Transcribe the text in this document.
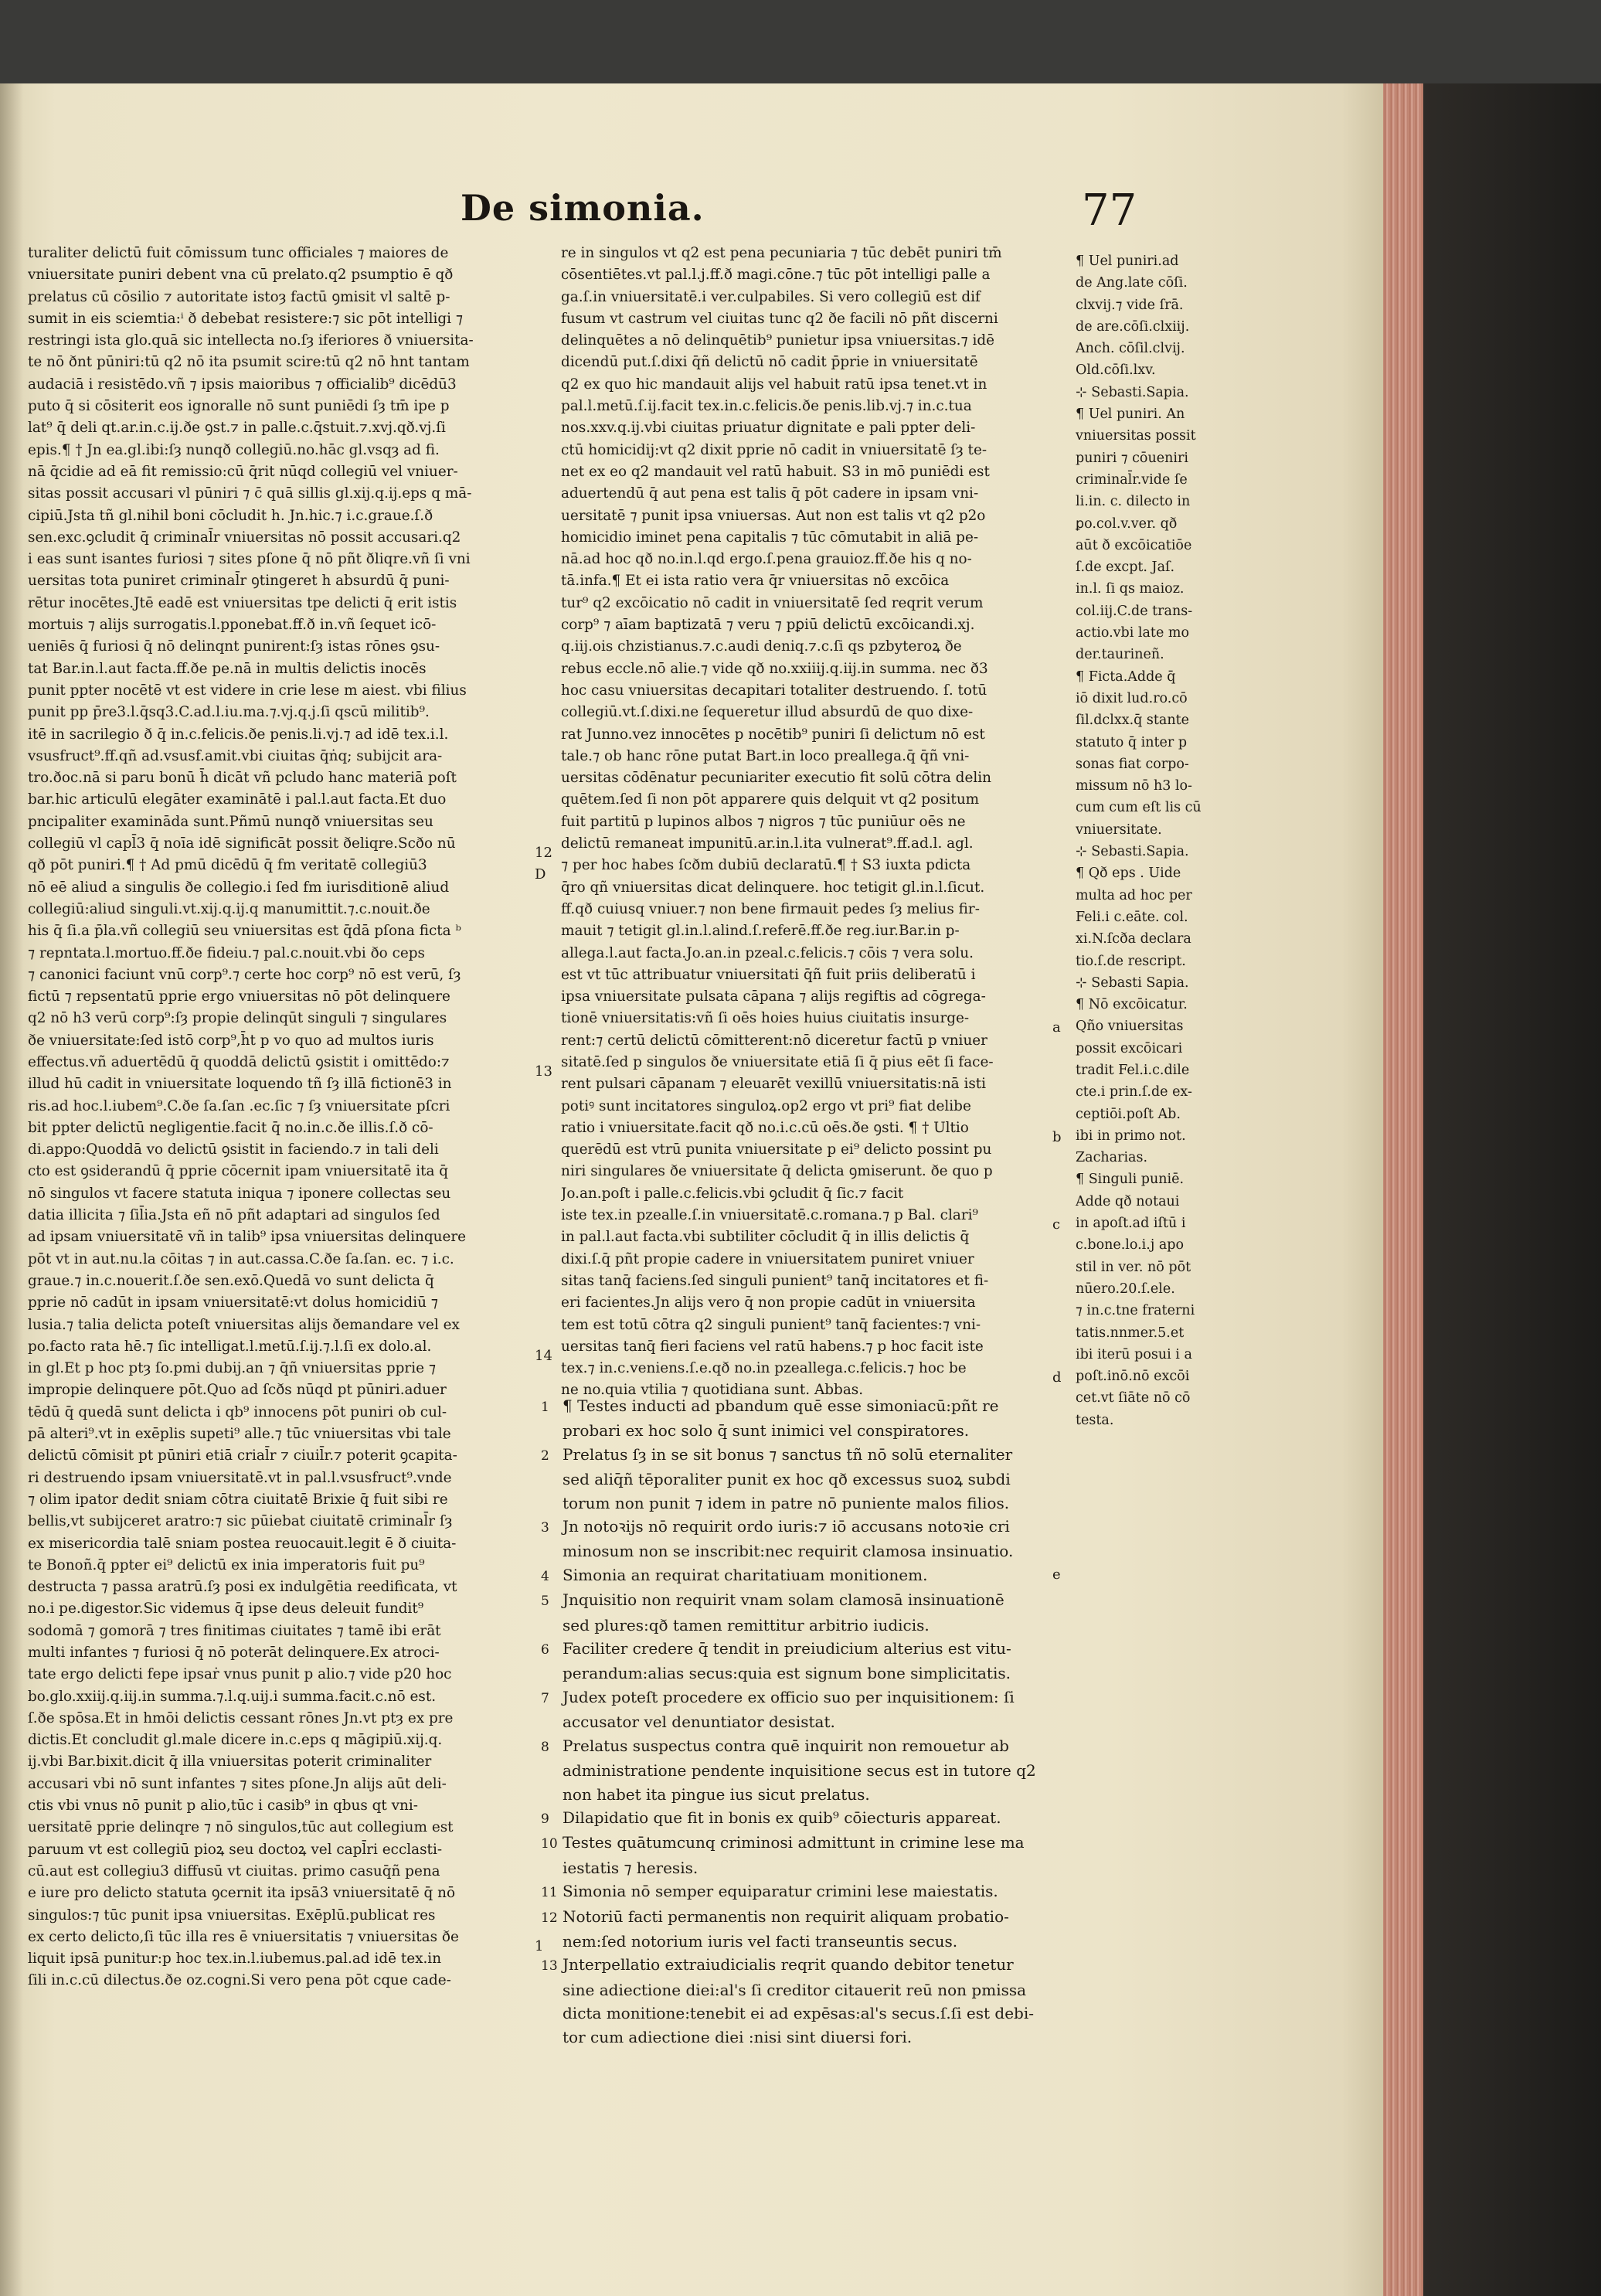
De simonia.	77
turaliter delictū fuit cōmissum tunc officiales ⁊ maiores de
vniuersitate puniri debent vna cū prelato.q2 psumptio ē qð
prelatus cū cōsilio ⁊ autoritate istoȝ factū ꝯmisit vl saltē p-
sumit in eis sciemtia:ⁱ ð debebat resistere:⁊ sic pōt intelligi ⁊
restringi ista glo.quā sic intellecta no.ſȝ iferiores ð vniuersita-
te nō ðnt pūniri:tū q2 nō ita psumit scire:tū q2 nō hnt tantam
audaciā i resistēdo.vñ ⁊ ipsis maioribus ⁊ officialib⁹ dicēdū3
puto q̄ si cōsiterit eos ignoralle nō sunt puniēdi ſȝ tm̄ ipe p
lat⁹ q̄ deli qt.ar.in.c.ij.ðe ꝯst.⁊ in palle.c.q̄stuit.⁊.xvj.qð.vj.ſi
epis.¶ † Jn ea.gl.ibi:ſȝ nunqð collegiū.no.hāc gl.vsqȝ ad fi.
nā q̄cidie ad eā fit remissio:cū q̄rit nūqd collegiū vel vniuer-
sitas possit accusari vl pūniri ⁊ c̄ quā sillis gl.xij.q.ij.eps q mā-
cipiū.Jsta tñ gl.nihil boni cōcludit h. Jn.hic.⁊ i.c.graue.ſ.ð
sen.exc.ꝯcludit q̄ criminal̄r vniuersitas nō possit accusari.q2
i eas sunt isantes furiosi ⁊ sites pſone q̄ nō pñt ðliqre.vñ ſi vni
uersitas tota puniret criminal̄r ꝯtingeret h absurdū q̄ puni-
rētur inocētes.Jtē eadē est vniuersitas tpe delicti q̄ erit istis
mortuis ⁊ alijs surrogatis.l.pponebat.ff.ð in.vñ ſequet icō-
ueniēs q̄ furiosi q̄ nō delinqnt punirent:ſȝ istas rōnes ꝯsu-
tat Bar.in.l.aut facta.ff.ðe pe.nā in multis delictis inocēs
punit ppter nocētē vt est videre in crie lese m aiest. vbi filius
punit pp p̄re3.l.q̄sq3.C.ad.l.iu.ma.⁊.vj.q.j.ſi qscū militib⁹.
itē in sacrilegio ð q̄ in.c.felicis.ðe penis.li.vj.⁊ ad idē tex.i.l.
vsusfruct⁹.ff.qñ ad.vsusf.amit.vbi ciuitas q̄ṅq; subijcit ara-
tro.ðoc.nā si paru bonū h̄ dicāt vñ pcludo hanc materiā poſt
bar.hic articulū elegāter examinātē i pal.l.aut facta.Et duo
pncipaliter examināda sunt.Pñmū nunqð vniuersitas seu
collegiū vl capl̄3 q̄ noīa idē significāt possit ðeliqre.Scðo nū
qð pōt puniri.¶ † Ad pmū dicēdū q̄ fm veritatē collegiū3
nō eē aliud a singulis ðe collegio.i ſed fm iurisditionē aliud
collegiū:aliud singuli.vt.xij.q.ij.q manumittit.⁊.c.nouit.ðe
his q̄ ſi.a p̄la.vñ collegiū seu vniuersitas est q̄dā pſona ficta ᵇ
⁊ repntata.l.mortuo.ff.ðe fideiu.⁊ pal.c.nouit.vbi ðo ceps
⁊ canonici faciunt vnū corp⁹.⁊ certe hoc corp⁹ nō est verū, ſȝ
fictū ⁊ repsentatū pprie ergo vniuersitas nō pōt delinquere
q2 nō h3 verū corp⁹:ſȝ propie delinqūt singuli ⁊ singulares
ðe vniuersitate:ſed istō corp⁹,h̄t p vo quo ad multos iuris
effectus.vñ aduertēdū q̄ quoddā delictū ꝯsistit i omittēdo:⁊
illud hū cadit in vniuersitate loquendo tñ ſȝ illā fictionē3 in
ris.ad hoc.l.iubem⁹.C.ðe ſa.ſan .ec.ſic ⁊ ſȝ vniuersitate pſcri
bit ppter delictū negligentie.facit q̄ no.in.c.ðe illis.ſ.ð cō-
di.appo:Quoddā vo delictū ꝯsistit in faciendo.⁊ in tali deli
cto est ꝯsiderandū q̄ pprie cōcernit ipam vniuersitatē ita q̄
nō singulos vt facere statuta iniqua ⁊ iponere collectas seu
datia illicita ⁊ ſil̄ia.Jsta eñ nō pñt adaptari ad singulos ſed
ad ipsam vniuersitatē vñ in talib⁹ ipsa vniuersitas delinquere
pōt vt in aut.nu.la cōitas ⁊ in aut.cassa.C.ðe ſa.ſan. ec. ⁊ i.c.
graue.⁊ in.c.nouerit.ſ.ðe sen.exō.Quedā vo sunt delicta q̄
pprie nō cadūt in ipsam vniuersitatē:vt dolus homicidiū ⁊
lusia.⁊ talia delicta poteſt vniuersitas alijs ðemandare vel ex
po.facto rata hē.⁊ ſic intelligat.l.metū.ſ.ij.⁊.l.ſi ex dolo.al.
in gl.Et p hoc ptȝ ſo.pmi dubij.an ⁊ q̄ñ vniuersitas pprie ⁊
impropie delinquere pōt.Quo ad ſcðs nūqd pt pūniri.aduer
tēdū q̄ quedā sunt delicta i qb⁹ innocens pōt puniri ob cul-
pā alteri⁹.vt in exēplis supeti⁹ alle.⁊ tūc vniuersitas vbi tale
delictū cōmisit pt pūniri etiā crial̄r ⁊ ciuil̄r.⁊ poterit ꝯcapita-
ri destruendo ipsam vniuersitatē.vt in pal.l.vsusfruct⁹.vnde
⁊ olim ipator dedit sniam cōtra ciuitatē Brixie q̄ fuit sibi re
bellis,vt subijceret aratro:⁊ sic pūiebat ciuitatē criminal̄r ſȝ
ex misericordia talē sniam postea reuocauit.legit ē ð ciuita-
te Bonoñ.q̄ ppter ei⁹ delictū ex inia imperatoris fuit pu⁹
destructa ⁊ passa aratrū.ſȝ posi ex indulgētia reedificata, vt
no.i pe.digestor.Sic videmus q̄ ipse deus deleuit fundit⁹
sodomā ⁊ gomorā ⁊ tres finitimas ciuitates ⁊ tamē ibi erāt
multi infantes ⁊ furiosi q̄ nō poterāt delinquere.Ex atroci-
tate ergo delicti fepe ipsaṙ vnus punit p alio.⁊ vide p20 hoc
bo.glo.xxiij.q.iij.in summa.⁊.l.q.uij.i summa.facit.c.nō est.
ſ.ðe spōsa.Et in hmōi delictis cessant rōnes Jn.vt ptȝ ex pre
dictis.Et concludit gl.male dicere in.c.eps q māgipiū.xij.q.
ij.vbi Bar.bixit.dicit q̄ illa vniuersitas poterit criminaliter
accusari vbi nō sunt infantes ⁊ sites pſone.Jn alijs aūt deli-
ctis vbi vnus nō punit p alio,tūc i casib⁹ in qbus qt vni-
uersitatē pprie delinqre ⁊ nō singulos,tūc aut collegium est
paruum vt est collegiū pioꝝ seu doctoꝝ vel capl̄ri ecclasti-
cū.aut est collegiu3 diffusū vt ciuitas. primo casuq̄ñ pena
e iure pro delicto statuta ꝯcernit ita ipsā3 vniuersitatē q̄ nō
singulos:⁊ tūc punit ipsa vniuersitas. Exēplū.publicat res
ex certo delicto,ſi tūc illa res ē vniuersitatis ⁊ vniuersitas ðe
liquit ipsā punitur:p hoc tex.in.l.iubemus.pal.ad idē tex.in
ſili in.c.cū dilectus.ðe oz.cogni.Si vero pena pōt cque cade-
re in singulos vt q2 est pena pecuniaria ⁊ tūc debēt puniri tm̄
cōsentiētes.vt pal.l.j.ff.ð magi.cōne.⁊ tūc pōt intelligi palle a
ga.ſ.in vniuersitatē.i ver.culpabiles. Si vero collegiū est dif
fusum vt castrum vel ciuitas tunc q2 ðe facili nō pñt discerni
delinquētes a nō delinquētib⁹ punietur ipsa vniuersitas.⁊ idē
dicendū put.ſ.dixi q̄ñ delictū nō cadit p̄prie in vniuersitatē
q2 ex quo hic mandauit alijs vel habuit ratū ipsa tenet.vt in
pal.l.metū.ſ.ij.facit tex.in.c.felicis.ðe penis.lib.vj.⁊ in.c.tua
nos.xxv.q.ij.vbi ciuitas priuatur dignitate e pali ppter deli-
ctū homicidij:vt q2 dixit pprie nō cadit in vniuersitatē ſȝ te-
net ex eo q2 mandauit vel ratū habuit. S3 in mō puniēdi est
aduertendū q̄ aut pena est talis q̄ pōt cadere in ipsam vni-
uersitatē ⁊ punit ipsa vniuersas. Aut non est talis vt q2 p2o
homicidio iminet pena capitalis ⁊ tūc cōmutabit in aliā pe-
nā.ad hoc qð no.in.l.qd ergo.ſ.pena grauioz.ff.ðe his q no-
tā.infa.¶ Et ei ista ratio vera q̄r vniuersitas nō excōica
tur⁹ q2 excōicatio nō cadit in vniuersitatē ſed reqrit verum
corp⁹ ⁊ aīam baptizatā ⁊ veru ⁊ pꝑiū delictū excōicandi.xj.
q.iij.ois chzistianus.⁊.c.audi deniq.⁊.c.ſi qs pzbyteroꝝ ðe
rebus eccle.nō alie.⁊ vide qð no.xxiiij.q.iij.in summa. nec ð3
hoc casu vniuersitas decapitari totaliter destruendo. ſ. totū
collegiū.vt.ſ.dixi.ne ſequeretur illud absurdū de quo dixe-
rat Junno.vez innocētes p nocētib⁹ puniri ſi delictum nō est
tale.⁊ ob hanc rōne putat Bart.in loco preallega.q̄ q̄ñ vni-
uersitas cōdēnatur pecuniariter executio fit solū cōtra delin
quētem.ſed ſi non pōt apparere quis delquit vt q2 positum
fuit partitū p lupinos albos ⁊ nigros ⁊ tūc puniūur oēs ne
delictū remaneat impunitū.ar.in.l.ita vulnerat⁹.ff.ad.l. agl.
⁊ per hoc habes ſcðm dubiū declaratū.¶ † S3 iuxta pdicta
q̄ro qñ vniuersitas dicat delinquere. hoc tetigit gl.in.l.ſicut.
ff.qð cuiusq vniuer.⁊ non bene firmauit pedes ſȝ melius fir-
mauit ⁊ tetigit gl.in.l.alind.ſ.referē.ff.ðe reg.iur.Bar.in p-
allega.l.aut facta.Jo.an.in pzeal.c.felicis.⁊ cōis ⁊ vera solu.
est vt tūc attribuatur vniuersitati q̄ñ fuit priis deliberatū i
ipsa vniuersitate pulsata cāpana ⁊ alijs regiftis ad cōgrega-
tionē vniuersitatis:vñ ſi oēs hoies huius ciuitatis insurge-
rent:⁊ certū delictū cōmitterent:nō diceretur factū p vniuer
sitatē.ſed p singulos ðe vniuersitate etiā ſi q̄ pius eēt ſi face-
rent pulsari cāpanam ⁊ eleuarēt vexillū vniuersitatis:nā isti
potiꝰ sunt incitatores singuloꝝ.op2 ergo vt pri⁹ fiat delibe
ratio i vniuersitate.facit qð no.i.c.cū oēs.ðe ꝯsti. ¶ † Ultio
querēdū est vtrū punita vniuersitate p ei⁹ delicto possint pu
niri singulares ðe vniuersitate q̄ delicta ꝯmiserunt. ðe quo p
Jo.an.poſt i palle.c.felicis.vbi ꝯcludit q̄ ſic.⁊ facit
iste tex.in pzealle.ſ.in vniuersitatē.c.romana.⁊ p Bal. clari⁹
in pal.l.aut facta.vbi subtiliter cōcludit q̄ in illis delictis q̄
dixi.ſ.q̄ pñt propie cadere in vniuersitatem puniret vniuer
sitas tanq̄ faciens.ſed singuli punient⁹ tanq̄ incitatores et fi-
eri facientes.Jn alijs vero q̄ non propie cadūt in vniuersita
tem est totū cōtra q2 singuli punient⁹ tanq̄ facientes:⁊ vni-
uersitas tanq̄ fieri faciens vel ratū habens.⁊ p hoc facit iste
tex.⁊ in.c.veniens.ſ.e.qð no.in pzeallega.c.felicis.⁊ hoc be
ne no.quia vtilia ⁊ quotidiana sunt. Abbas.
¶ Uel puniri.ad
de Ang.late cōſi.
clxvij.⁊ vide ſrā.
de are.cōſi.clxiij.
Anch. cōſil.clvij.
Old.cōſi.lxv.
⊹ Sebasti.Sapia.
¶ Uel puniri. An
vniuersitas possit
puniri ⁊ cōueniri
criminal̄r.vide ſe
li.in. c. dilecto in
ꝑo.col.v.ver. qð
aūt ð excōicatiōe
ſ.de excpt. Jaſ.
in.l. ſi qs maioz.
col.iij.C.de trans-
actio.vbi late mo
der.taurineñ.
¶ Ficta.Adde q̄
iō dixit lud.ro.cō
ſil.dclxx.q̄ stante
statuto q̄ inter p
sonas fiat corpo-
missum nō h3 lo-
cum cum eſt lis cū
vniuersitate.
⊹ Sebasti.Sapia.
¶ Qð eps . Uide
multa ad hoc per
Feli.i c.eāte. col.
xi.N.ſcða declara
tio.ſ.de rescript.
⊹ Sebasti Sapia.
¶ Nō excōicatur.
Qño vniuersitas
possit excōicari
tradit Fel.i.c.dile
cte.i prin.ſ.de ex-
ceptiōi.poſt Ab.
ibi in primo not.
Zacharias.
¶ Singuli puniē.
Adde qð notaui
in apoſt.ad iſtū i
c.bone.lo.i.j apo
stil in ver. nō pōt
nūero.20.ſ.ele.
⁊ in.c.tne fraterni
tatis.nnmer.5.et
ibi iterū posui i a
poſt.inō.nō excōi
cet.vt ſiāte nō cō
testa.
12
D
13
14
1
a
b
c
d
e
1 ¶ Testes inducti ad pbandum quē esse simoniacū:pñt re
probari ex hoc solo q̄ sunt inimici vel conspiratores.
2 Prelatus ſȝ in se sit bonus ⁊ sanctus tñ nō solū eternaliter
sed aliq̄ñ tēporaliter punit ex hoc qð excessus suoꝝ subdi
torum non punit ⁊ idem in patre nō puniente malos filios.
3 Jn notoꝛijs nō requirit ordo iuris:⁊ iō accusans notoꝛie cri
minosum non se inscribit:nec requirit clamosa insinuatio.
4 Simonia an requirat charitatiuam monitionem.
5 Jnquisitio non requirit vnam solam clamosā insinuationē
sed plures:qð tamen remittitur arbitrio iudicis.
6 Faciliter credere q̄ tendit in preiudicium alterius est vitu-
perandum:alias secus:quia est signum bone simplicitatis.
7 Judex poteſt procedere ex officio suo per inquisitionem: ſi
accusator vel denuntiator desistat.
8 Prelatus suspectus contra quē inquirit non remouetur ab
administratione pendente inquisitione secus est in tutore q2
non habet ita pingue ius sicut prelatus.
9 Dilapidatio que fit in bonis ex quib⁹ cōiecturis appareat.
10 Testes quātumcunq criminosi admittunt in crimine lese ma
iestatis ⁊ heresis.
11 Simonia nō semper equiparatur crimini lese maiestatis.
12 Notoriū facti permanentis non requirit aliquam probatio-
nem:ſed notorium iuris vel facti transeuntis secus.
13 Jnterpellatio extraiudicialis reqrit quando debitor tenetur
sine adiectione diei:al's ſi creditor citauerit reū non pmissa
dicta monitione:tenebit ei ad expēsas:al's secus.ſ.ſi est debi-
tor cum adiectione diei :nisi sint diuersi fori.
